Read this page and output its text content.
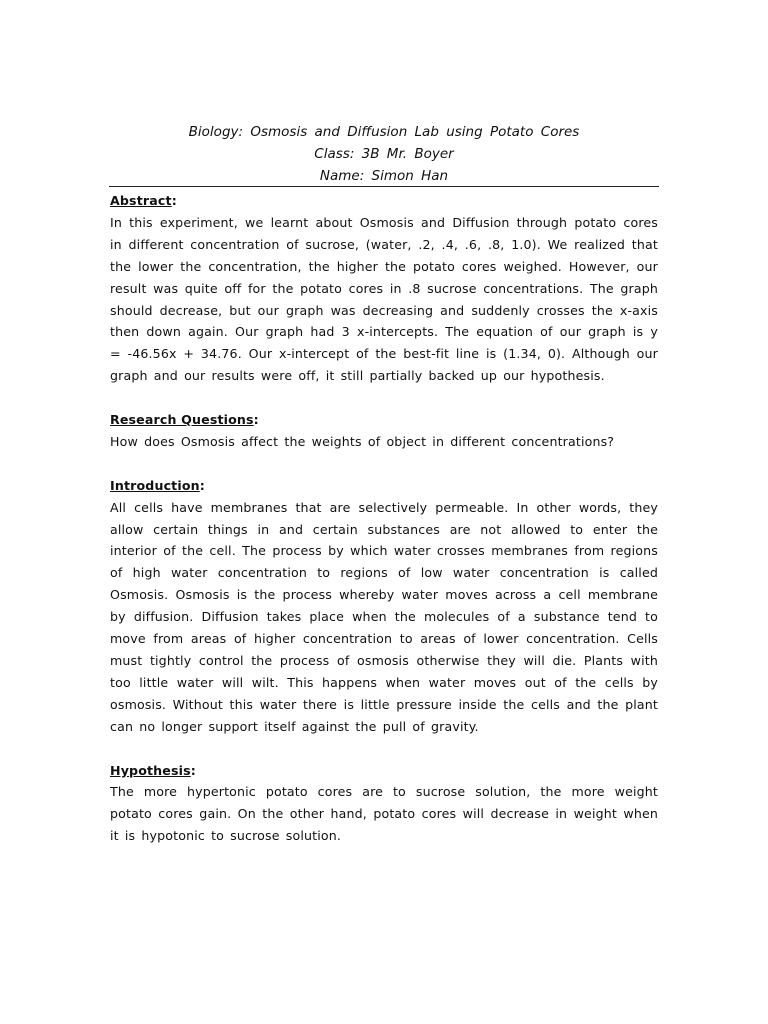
Biology: Osmosis and Diffusion Lab using Potato Cores
Class: 3B Mr. Boyer
Name: Simon Han
Abstract:

In this experiment, we learnt about Osmosis and Diffusion through potato cores in different concentration of sucrose, (water, .2, .4, .6, .8, 1.0). We realized that the lower the concentration, the higher the potato cores weighed. However, our result was quite off for the potato cores in .8 sucrose concentrations. The graph should decrease, but our graph was decreasing and suddenly crosses the x-axis then down again. Our graph had 3 x-intercepts. The equation of our graph is y = -46.56x + 34.76. Our x-intercept of the best-fit line is (1.34, 0). Although our graph and our results were off, it still partially backed up our hypothesis.

Research Questions:

How does Osmosis affect the weights of object in different concentrations?

Introduction:

All cells have membranes that are selectively permeable. In other words, they allow certain things in and certain substances are not allowed to enter the interior of the cell. The process by which water crosses membranes from regions of high water concentration to regions of low water concentration is called Osmosis. Osmosis is the process whereby water moves across a cell membrane by diffusion. Diffusion takes place when the molecules of a substance tend to move from areas of higher concentration to areas of lower concentration. Cells must tightly control the process of osmosis otherwise they will die. Plants with too little water will wilt. This happens when water moves out of the cells by osmosis. Without this water there is little pressure inside the cells and the plant can no longer support itself against the pull of gravity.

Hypothesis:

The more hypertonic potato cores are to sucrose solution, the more weight potato cores gain. On the other hand, potato cores will decrease in weight when it is hypotonic to sucrose solution.
